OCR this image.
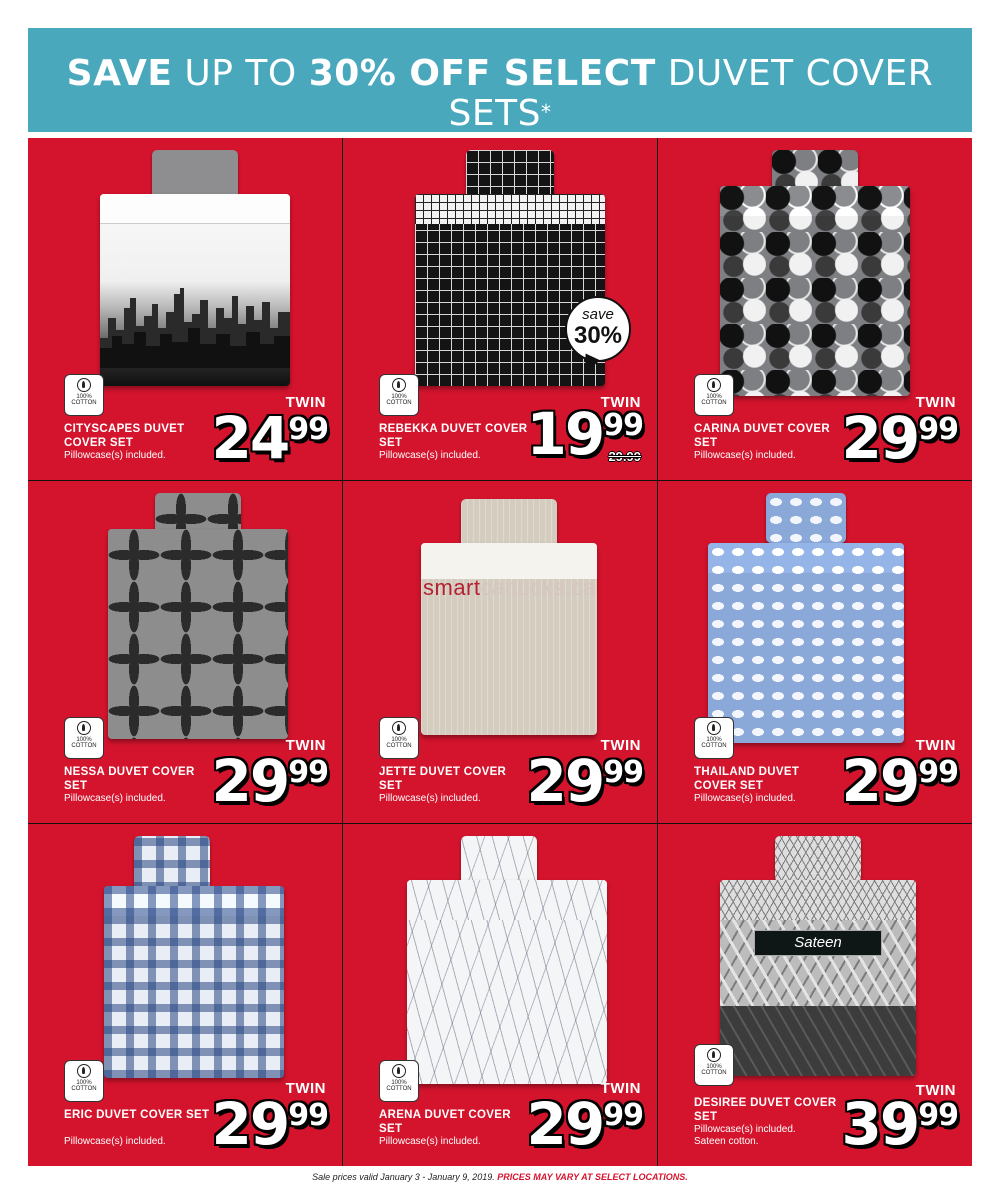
SAVE UP TO 30% OFF SELECT DUVET COVER SETS*
100%
COTTON	TWIN
2499
CITYSCAPES DUVET COVER SET
Pillowcase(s) included.
save
30%
100%
COTTON	TWIN
1999
29.99
REBEKKA DUVET COVER SET
Pillowcase(s) included.
100%
COTTON	TWIN
2999
CARINA DUVET COVER SET
Pillowcase(s) included.
100%
COTTON	TWIN
2999
NESSA DUVET COVER SET
Pillowcase(s) included.
smartcanucks.ca
100%
COTTON	TWIN
2999
JETTE DUVET COVER SET
Pillowcase(s) included.
100%
COTTON	TWIN
2999
THAILAND DUVET COVER SET
Pillowcase(s) included.
100%
COTTON	TWIN
2999
ERIC DUVET COVER SET
Pillowcase(s) included.
100%
COTTON	TWIN
2999
ARENA DUVET COVER SET
Pillowcase(s) included.
Sateen
100%
COTTON
TWIN
3999
DESIREE DUVET COVER SET
Pillowcase(s) included.
Sateen cotton.
Sale prices valid January 3 - January 9, 2019. PRICES MAY VARY AT SELECT LOCATIONS.
